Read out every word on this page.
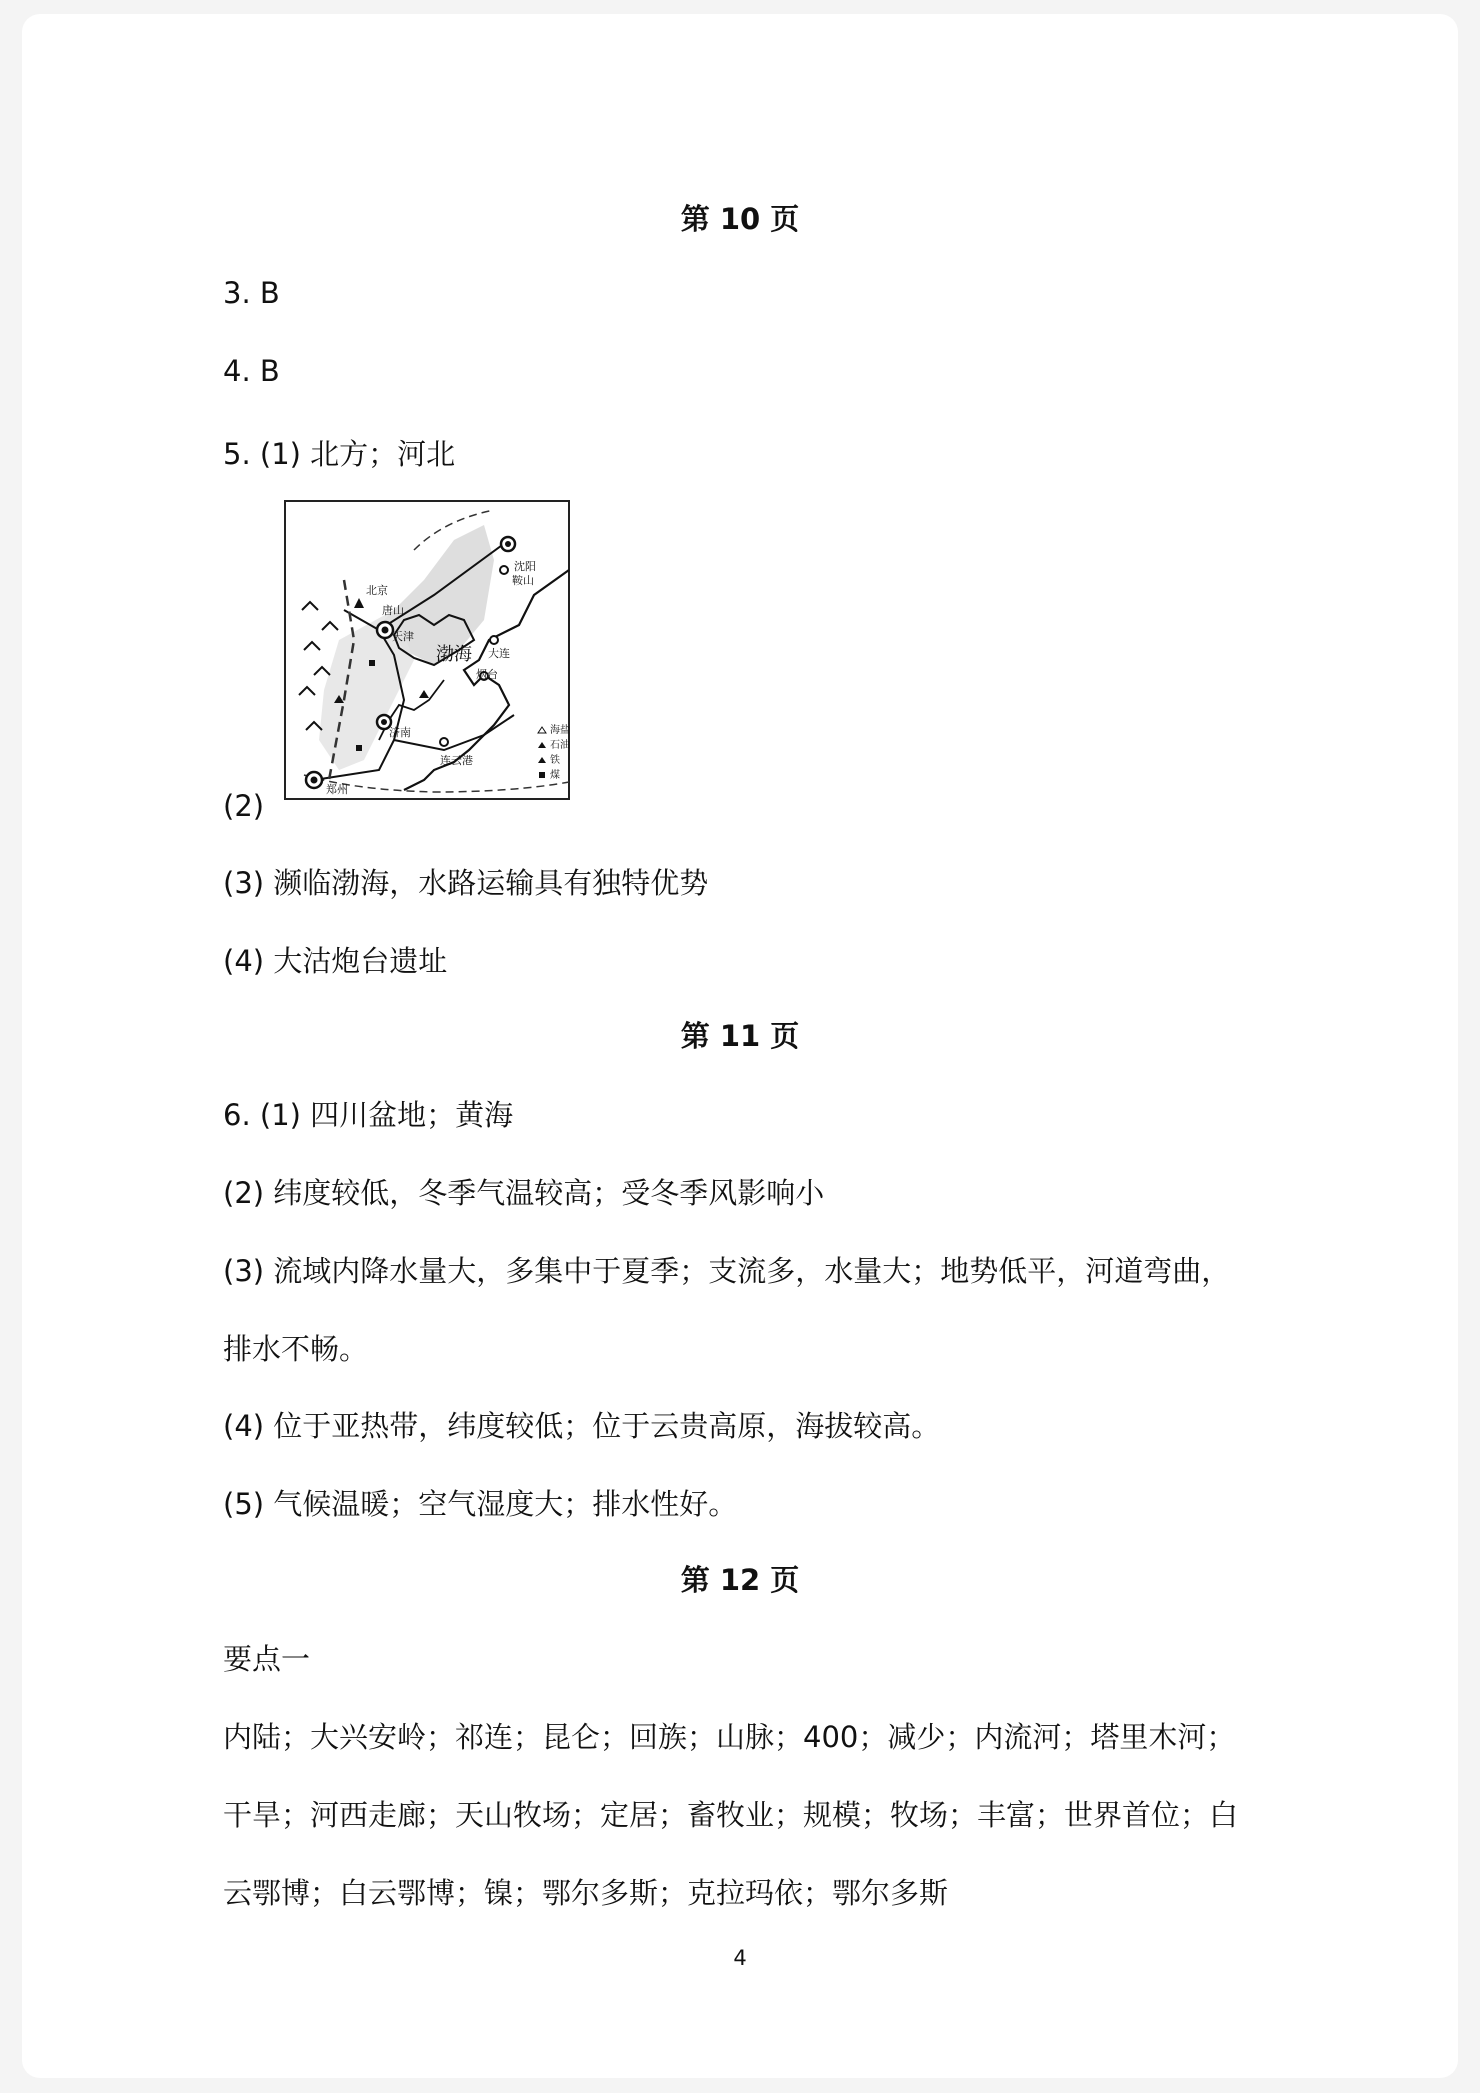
第 10 页
3. B
4. B
5. (1) 北方；河北
沈阳
鞍山
北京
唐山
天津
渤海 大连
烟台
济南
连云港
郑州
海盐
石油
铁
煤
(2)
(3) 濒临渤海，水路运输具有独特优势
(4) 大沽炮台遗址
第 11 页
6. (1) 四川盆地；黄海
(2) 纬度较低，冬季气温较高；受冬季风影响小
(3) 流域内降水量大，多集中于夏季；支流多，水量大；地势低平，河道弯曲，
排水不畅。
(4) 位于亚热带，纬度较低；位于云贵高原，海拔较高。
(5) 气候温暖；空气湿度大；排水性好。
第 12 页
要点一
内陆；大兴安岭；祁连；昆仑；回族；山脉；400；减少；内流河；塔里木河；
干旱；河西走廊；天山牧场；定居；畜牧业；规模；牧场；丰富；世界首位；白
云鄂博；白云鄂博；镍；鄂尔多斯；克拉玛依；鄂尔多斯
4
